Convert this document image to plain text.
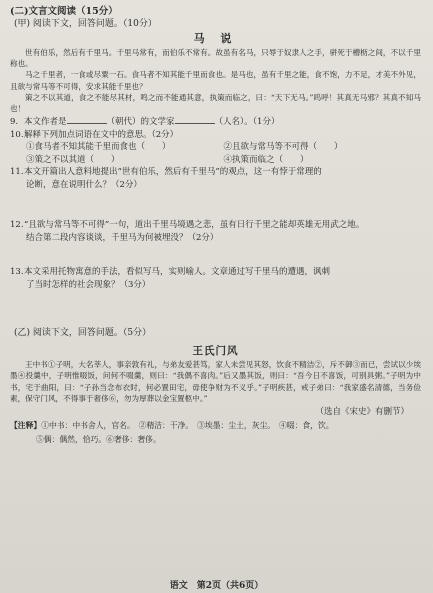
(二)文言文阅读（15分）

(甲) 阅读下文，回答问题。（10分）

马 说

世有伯乐，然后有千里马。千里马常有，而伯乐不常有。故虽有名马，只辱于奴隶人之手，骈死于槽枥之间，不以千里称也。

马之千里者，一食或尽粟一石。食马者不知其能千里而食也。是马也，虽有千里之能，食不饱，力不足，才美不外见，且欲与常马等不可得，安求其能千里也？

策之不以其道，食之不能尽其材，鸣之而不能通其意，执策而临之，曰：“天下无马。”呜呼！其真无马邪？其真不知马也！

9. 本文作者是	（朝代）的文学家	（人名）。（1分）

10.解释下列加点词语在文中的意思。（2分）

①食马者不知其能千里而食也（　　）	②且欲与常马等不可得（　　）
③策之不以其道（　　）	④执策而临之（　　）

11.本文开篇出人意料地提出“世有伯乐，然后有千里马”的观点，这一有悖于常理的

论断，意在说明什么？（2分）

12.“且欲与常马等不可得”一句，道出千里马境遇之悲，虽有日行千里之能却英雄无用武之地。

结合第二段内容谈谈，千里马为何被埋没？（2分）

13.本文采用托物寓意的手法，看似写马，实则喻人。文章通过写千里马的遭遇，讽刺

了当时怎样的社会现象？（3分）

(乙) 阅读下文，回答问题。（5分）

王氏门风

王中书①子明，大名莘人，事亲敦有礼，与弟友爱甚笃，家人未尝见其怒，饮食不精洁②，斥不御③而已，尝试以少埃墨④投羹中，子明惟啜饭，问何不啜羹，则曰：“我偶不喜肉。”后又墨其饭，则曰：“吾今日不喜饭，可别具粥。”子明为中书，宅于曲阳，曰：“子孙当念布衣时，何必置田宅，毋使争财为不义乎。”子明疾甚，戒子弟曰：“我家盛名清德，当务俭素，保守门风，不得事于奢侈⑥，勿为厚葬以金宝置柩中。”

（选自《宋史》有删节）

【注释】①中书：中书舍人，官名。　②精洁：干净。　③埃墨：尘土，灰尘。　④啜：食，饮。

⑤偶：偶然，恰巧。⑥奢侈：奢侈。

语文　第2页（共6页）
